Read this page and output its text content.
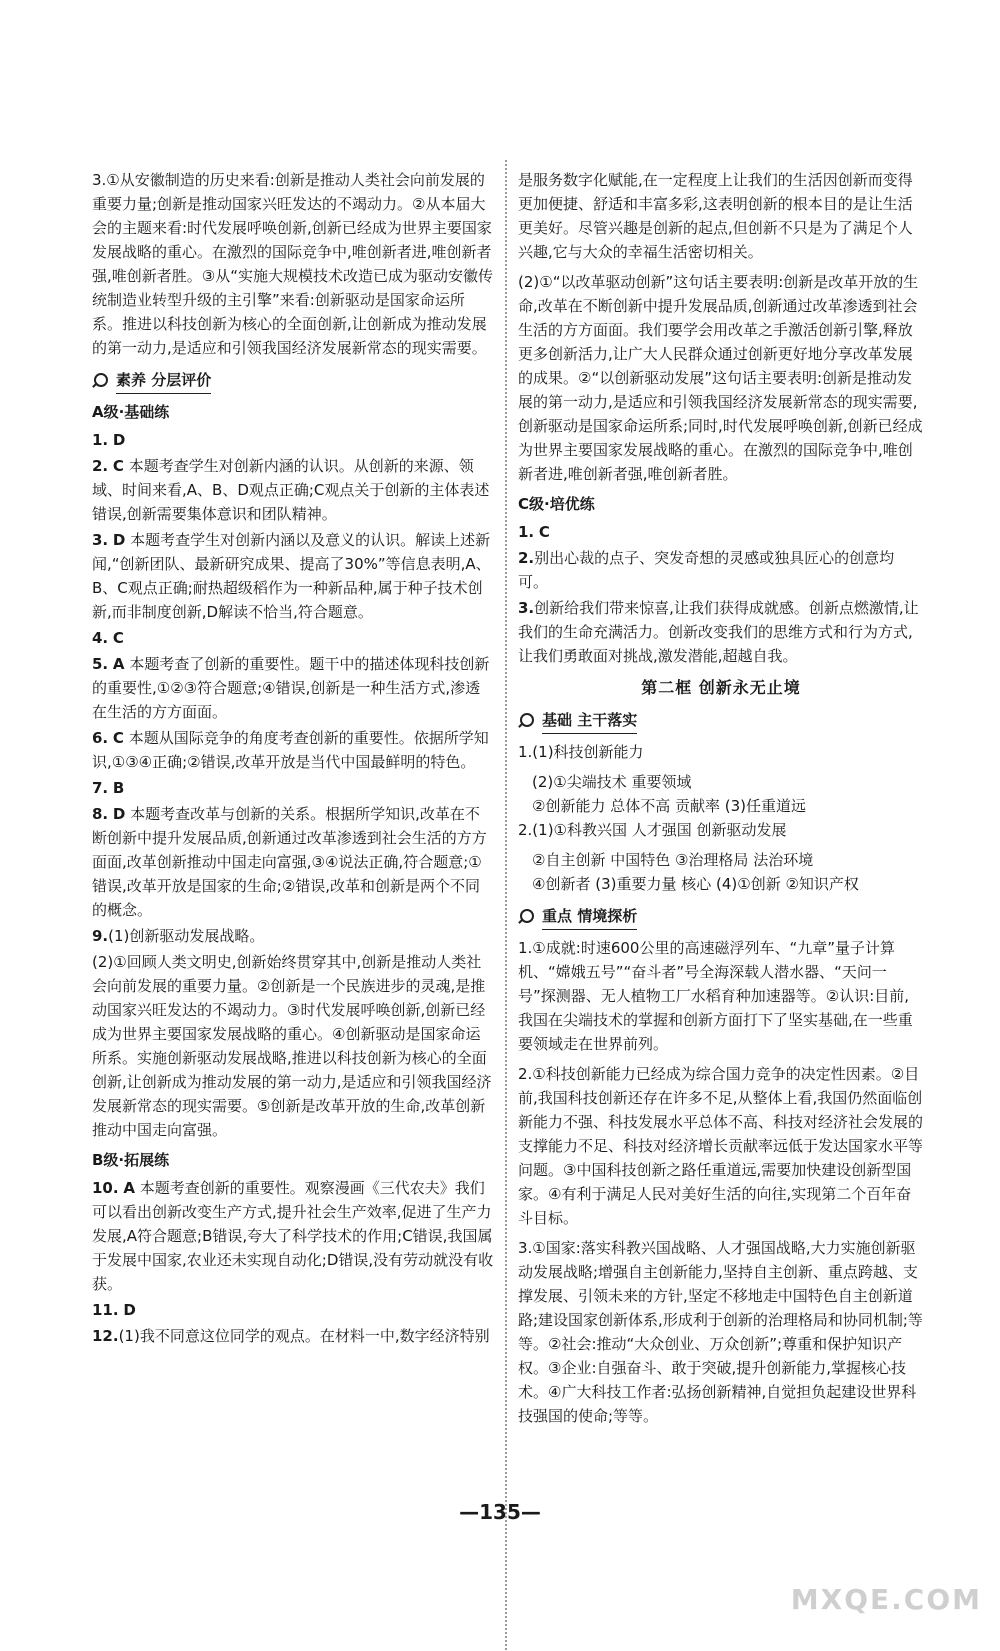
3.①从安徽制造的历史来看:创新是推动人类社会向前发展的重要力量;创新是推动国家兴旺发达的不竭动力。②从本届大会的主题来看:时代发展呼唤创新,创新已经成为世界主要国家发展战略的重心。在激烈的国际竞争中,唯创新者进,唯创新者强,唯创新者胜。③从“实施大规模技术改造已成为驱动安徽传统制造业转型升级的主引擎”来看:创新驱动是国家命运所系。推进以科技创新为核心的全面创新,让创新成为推动发展的第一动力,是适应和引领我国经济发展新常态的现实需要。
素养 分层评价
A级·基础练
1. D
2. C 本题考查学生对创新内涵的认识。从创新的来源、领域、时间来看,A、B、D观点正确;C观点关于创新的主体表述错误,创新需要集体意识和团队精神。
3. D 本题考查学生对创新内涵以及意义的认识。解读上述新闻,“创新团队、最新研究成果、提高了30%”等信息表明,A、B、C观点正确;耐热超级稻作为一种新品种,属于种子技术创新,而非制度创新,D解读不恰当,符合题意。
4. C
5. A 本题考查了创新的重要性。题干中的描述体现科技创新的重要性,①②③符合题意;④错误,创新是一种生活方式,渗透在生活的方方面面。
6. C 本题从国际竞争的角度考查创新的重要性。依据所学知识,①③④正确;②错误,改革开放是当代中国最鲜明的特色。
7. B
8. D 本题考查改革与创新的关系。根据所学知识,改革在不断创新中提升发展品质,创新通过改革渗透到社会生活的方方面面,改革创新推动中国走向富强,③④说法正确,符合题意;①错误,改革开放是国家的生命;②错误,改革和创新是两个不同的概念。
9.(1)创新驱动发展战略。
(2)①回顾人类文明史,创新始终贯穿其中,创新是推动人类社会向前发展的重要力量。②创新是一个民族进步的灵魂,是推动国家兴旺发达的不竭动力。③时代发展呼唤创新,创新已经成为世界主要国家发展战略的重心。④创新驱动是国家命运所系。实施创新驱动发展战略,推进以科技创新为核心的全面创新,让创新成为推动发展的第一动力,是适应和引领我国经济发展新常态的现实需要。⑤创新是改革开放的生命,改革创新推动中国走向富强。
B级·拓展练
10. A 本题考查创新的重要性。观察漫画《三代农夫》我们可以看出创新改变生产方式,提升社会生产效率,促进了生产力发展,A符合题意;B错误,夸大了科学技术的作用;C错误,我国属于发展中国家,农业还未实现自动化;D错误,没有劳动就没有收获。
11. D
12.(1)我不同意这位同学的观点。在材料一中,数字经济特别
是服务数字化赋能,在一定程度上让我们的生活因创新而变得更加便捷、舒适和丰富多彩,这表明创新的根本目的是让生活更美好。尽管兴趣是创新的起点,但创新不只是为了满足个人兴趣,它与大众的幸福生活密切相关。
(2)①“以改革驱动创新”这句话主要表明:创新是改革开放的生命,改革在不断创新中提升发展品质,创新通过改革渗透到社会生活的方方面面。我们要学会用改革之手激活创新引擎,释放更多创新活力,让广大人民群众通过创新更好地分享改革发展的成果。②“以创新驱动发展”这句话主要表明:创新是推动发展的第一动力,是适应和引领我国经济发展新常态的现实需要,创新驱动是国家命运所系;同时,时代发展呼唤创新,创新已经成为世界主要国家发展战略的重心。在激烈的国际竞争中,唯创新者进,唯创新者强,唯创新者胜。
C级·培优练
1. C
2.别出心裁的点子、突发奇想的灵感或独具匠心的创意均可。
3.创新给我们带来惊喜,让我们获得成就感。创新点燃激情,让我们的生命充满活力。创新改变我们的思维方式和行为方式,让我们勇敢面对挑战,激发潜能,超越自我。
第二框 创新永无止境
基础 主干落实
1.(1)科技创新能力
(2)①尖端技术 重要领域
②创新能力 总体不高 贡献率 (3)任重道远
2.(1)①科教兴国 人才强国 创新驱动发展
②自主创新 中国特色 ③治理格局 法治环境
④创新者 (3)重要力量 核心 (4)①创新 ②知识产权
重点 情境探析
1.①成就:时速600公里的高速磁浮列车、“九章”量子计算机、“嫦娥五号”“奋斗者”号全海深载人潜水器、“天问一号”探测器、无人植物工厂水稻育种加速器等。②认识:目前,我国在尖端技术的掌握和创新方面打下了坚实基础,在一些重要领域走在世界前列。
2.①科技创新能力已经成为综合国力竞争的决定性因素。②目前,我国科技创新还存在许多不足,从整体上看,我国仍然面临创新能力不强、科技发展水平总体不高、科技对经济社会发展的支撑能力不足、科技对经济增长贡献率远低于发达国家水平等问题。③中国科技创新之路任重道远,需要加快建设创新型国家。④有利于满足人民对美好生活的向往,实现第二个百年奋斗目标。
3.①国家:落实科教兴国战略、人才强国战略,大力实施创新驱动发展战略;增强自主创新能力,坚持自主创新、重点跨越、支撑发展、引领未来的方针,坚定不移地走中国特色自主创新道路;建设国家创新体系,形成利于创新的治理格局和协同机制;等等。②社会:推动“大众创业、万众创新”;尊重和保护知识产权。③企业:自强奋斗、敢于突破,提升创新能力,掌握核心技术。④广大科技工作者:弘扬创新精神,自觉担负起建设世界科技强国的使命;等等。
—135—
MXQE.COM
